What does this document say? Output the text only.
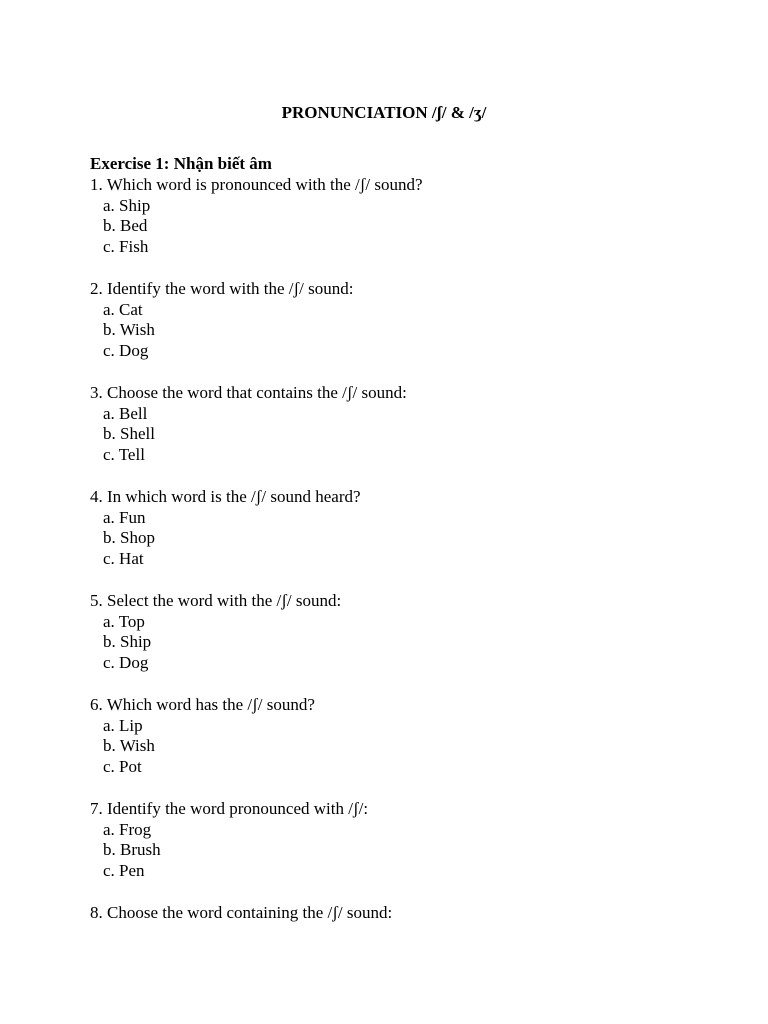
PRONUNCIATION /ʃ/ & /ʒ/
Exercise 1: Nhận biết âm
1. Which word is pronounced with the /ʃ/ sound?
a. Ship
b. Bed
c. Fish
2. Identify the word with the /ʃ/ sound:
a. Cat
b. Wish
c. Dog
3. Choose the word that contains the /ʃ/ sound:
a. Bell
b. Shell
c. Tell
4. In which word is the /ʃ/ sound heard?
a. Fun
b. Shop
c. Hat
5. Select the word with the /ʃ/ sound:
a. Top
b. Ship
c. Dog
6. Which word has the /ʃ/ sound?
a. Lip
b. Wish
c. Pot
7. Identify the word pronounced with /ʃ/:
a. Frog
b. Brush
c. Pen
8. Choose the word containing the /ʃ/ sound:
